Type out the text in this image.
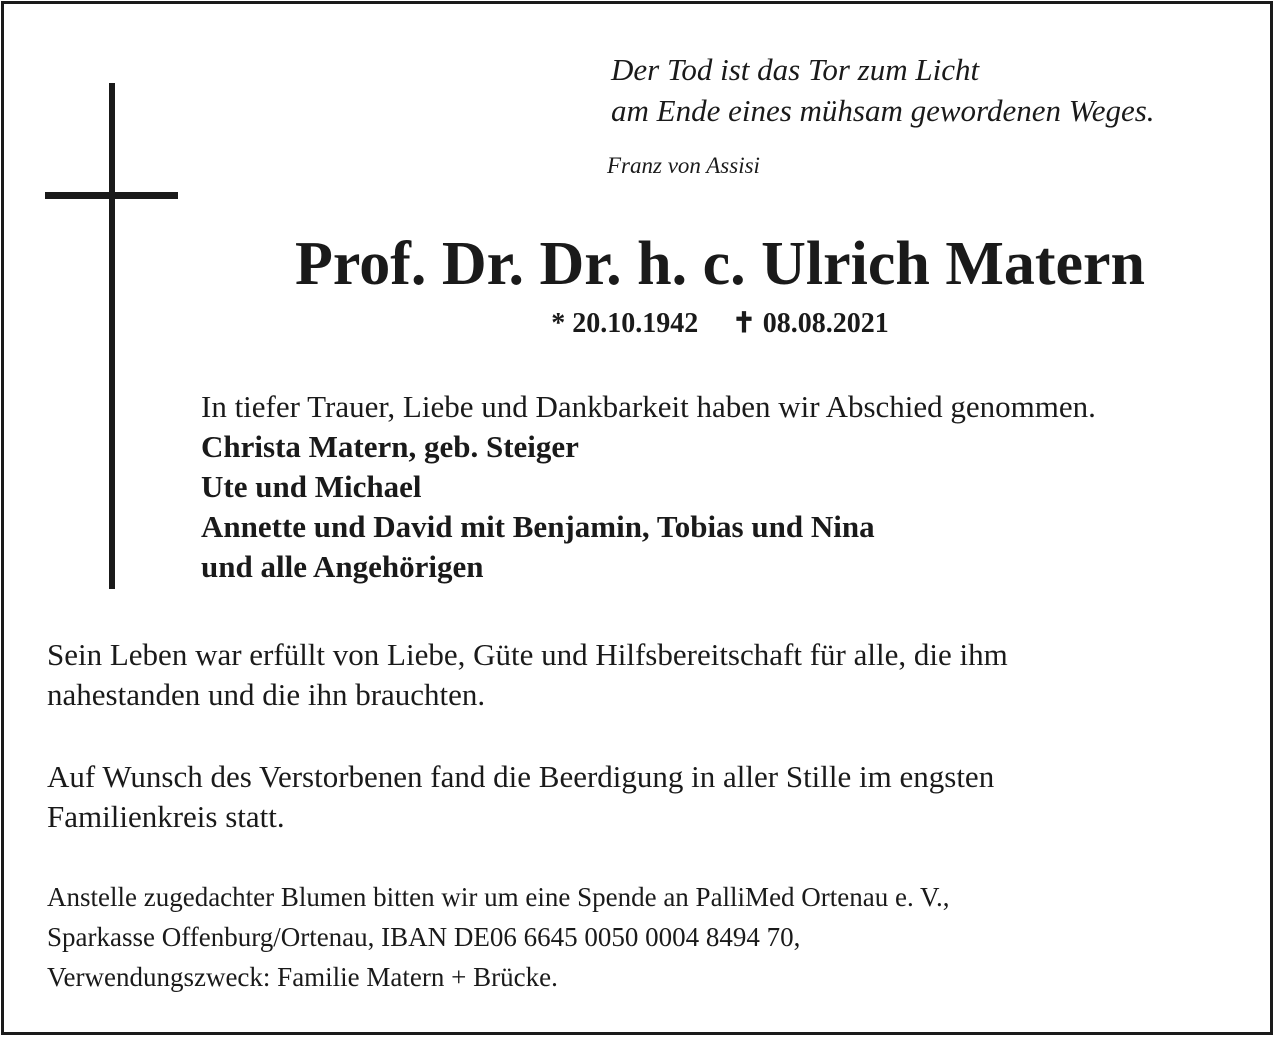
Der Tod ist das Tor zum Licht
am Ende eines mühsam gewordenen Weges.
Franz von Assisi
Prof. Dr. Dr. h. c. Ulrich Matern
* 20.10.1942 ✝ 08.08.2021
In tiefer Trauer, Liebe und Dankbarkeit haben wir Abschied genommen.
Christa Matern, geb. Steiger
Ute und Michael
Annette und David mit Benjamin, Tobias und Nina
und alle Angehörigen
Sein Leben war erfüllt von Liebe, Güte und Hilfsbereitschaft für alle, die ihm
nahestanden und die ihn brauchten.
Auf Wunsch des Verstorbenen fand die Beerdigung in aller Stille im engsten
Familienkreis statt.
Anstelle zugedachter Blumen bitten wir um eine Spende an PalliMed Ortenau e. V.,
Sparkasse Offenburg/Ortenau, IBAN DE06 6645 0050 0004 8494 70,
Verwendungszweck: Familie Matern + Brücke.
